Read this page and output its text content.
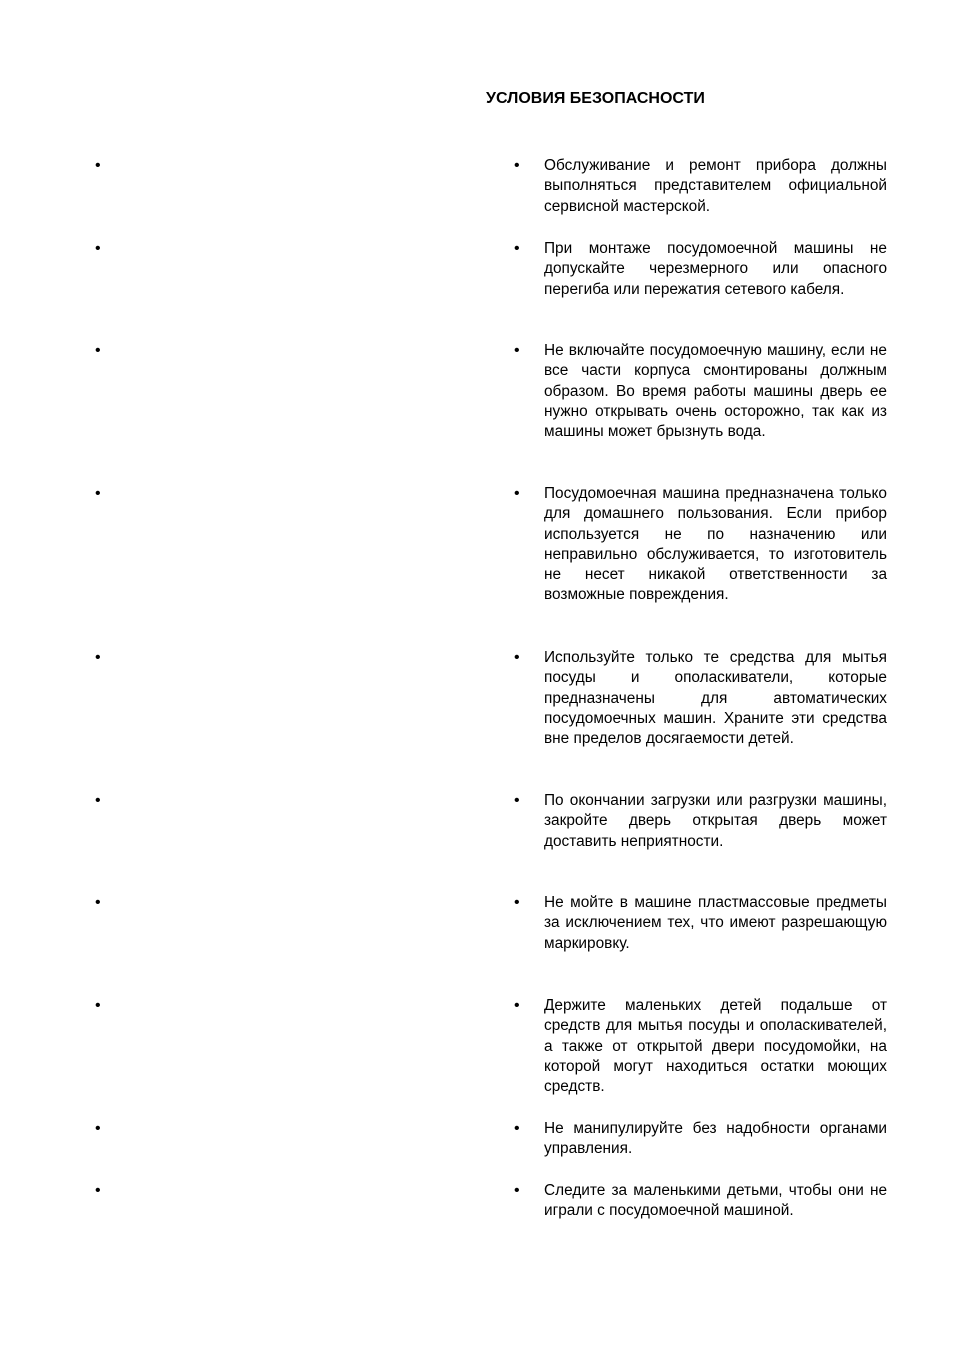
УСЛОВИЯ БЕЗОПАСНОСТИ
•
•
•
•
•
•
•
•
•
•
• Обслуживание и ремонт прибора должны выполняться представителем официальной сервисной мастерской.
• При монтаже посудомоечной машины не допускайте черезмерного или опасного перегиба или пережатия сетевого кабеля.
• Не включайте посудомоечную машину, если не все части корпуса смонтированы должным образом. Во время работы машины дверь ее нужно открывать очень осторожно, так как из машины может брызнуть вода.
• Посудомоечная машина предназначена только для домашнего пользования. Если прибор используется не по назначению или неправильно обслуживается, то изготовитель не несет никакой ответственности за возможные повреждения.
• Используйте только те средства для мытья посуды и ополаскиватели, которые предназначены для автоматических посудомоечных машин. Храните эти средства вне пределов досягаемости детей.
• По окончании загрузки или разгрузки машины, закройте дверь открытая дверь может доставить неприятности.
• Не мойте в машине пластмассовые предметы за исключением тех, что имеют разрешающую маркировку.
• Держите маленьких детей подальше от средств для мытья посуды и ополаскивателей, а также от открытой двери посудомойки, на которой могут находиться остатки моющих средств.
• Не манипулируйте без надобности органами управления.
• Следите за маленькими детьми, чтобы они не играли с посудомоечной машиной.
